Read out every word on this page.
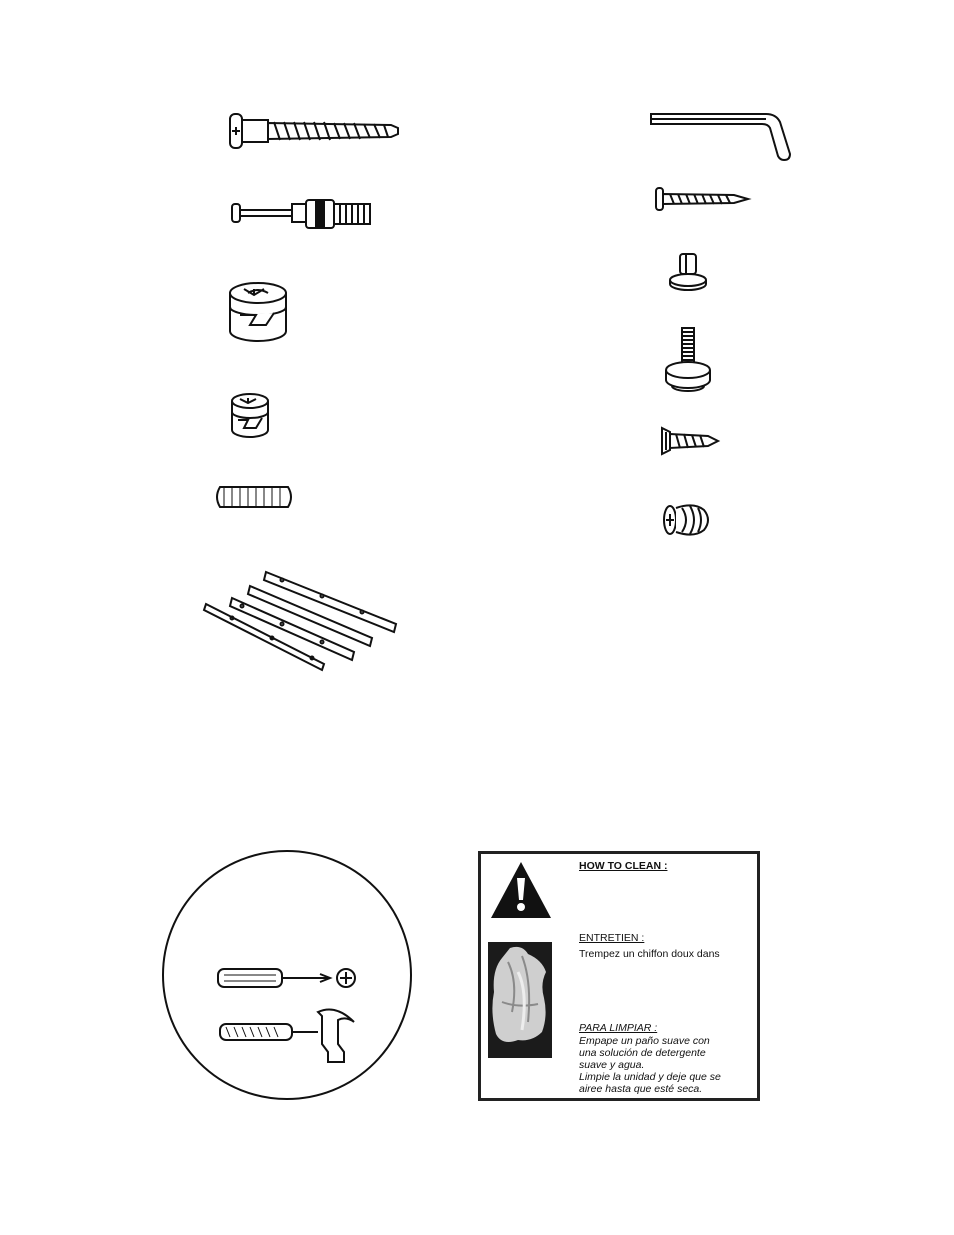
HOW TO CLEAN :
ENTRETIEN :
Trempez un chiffon doux dans
PARA LIMPIAR :
Empape un paño suave con
una solución de detergente
suave y agua.
Limpie la unidad y deje que se
airee hasta que esté seca.
